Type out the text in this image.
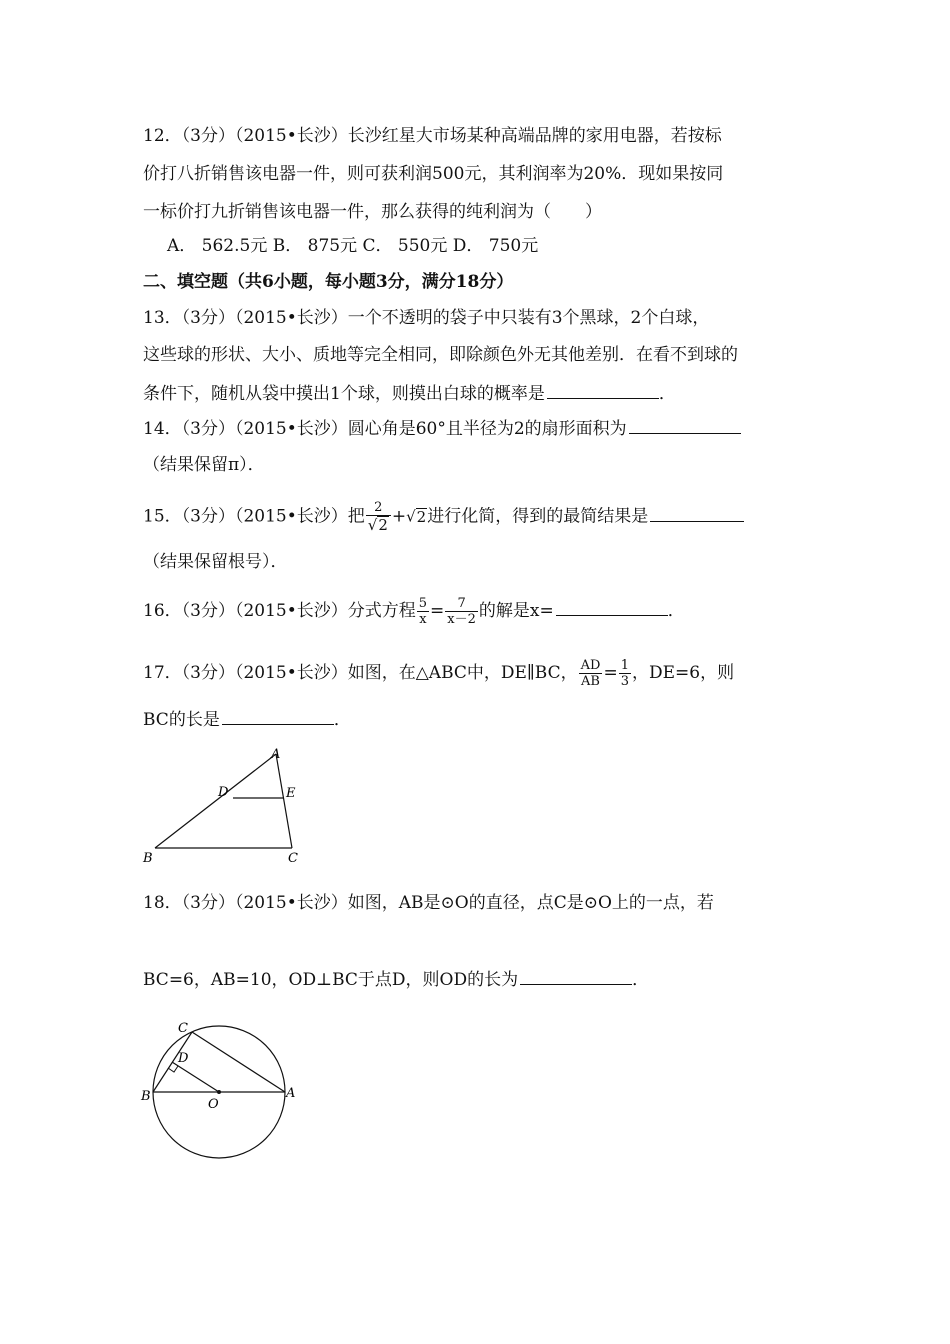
12．（3分）（2015•长沙）长沙红星大市场某种高端品牌的家用电器，若按标
价打八折销售该电器一件，则可获利润500元，其利润率为20%．现如果按同
一标价打九折销售该电器一件，那么获得的纯利润为（　　）
A． 562.5元 B． 875元 C． 550元 D． 750元
二、填空题（共6小题，每小题3分，满分18分）
13．（3分）（2015•长沙）一个不透明的袋子中只装有3个黑球，2个白球，
这些球的形状、大小、质地等完全相同，即除颜色外无其他差别．在看不到球的
条件下，随机从袋中摸出1个球，则摸出白球的概率是	．
14．（3分）（2015•长沙）圆心角是60°且半径为2的扇形面积为
（结果保留π）．
15．（3分）（2015•长沙）把 $\frac{2}{√2} +√2$进行化简，得到的最简结果是
（结果保留根号）．
16．（3分）（2015•长沙）分式方程 $\frac{5}{x} = \frac{7}{x-2}$ 的解是x=	．
17．（3分）（2015•长沙）如图，在△ABC中，DE∥BC， $\frac{AD}{AB} = \frac{1}{3}$ ，DE=6，则
BC的长是	．
A
B	C
D	E
18．（3分）（2015•长沙）如图，AB是⊙O的直径，点C是⊙O上的一点，若
BC=6，AB=10，OD⊥BC于点D，则OD的长为	．
C
D
B	A
O
